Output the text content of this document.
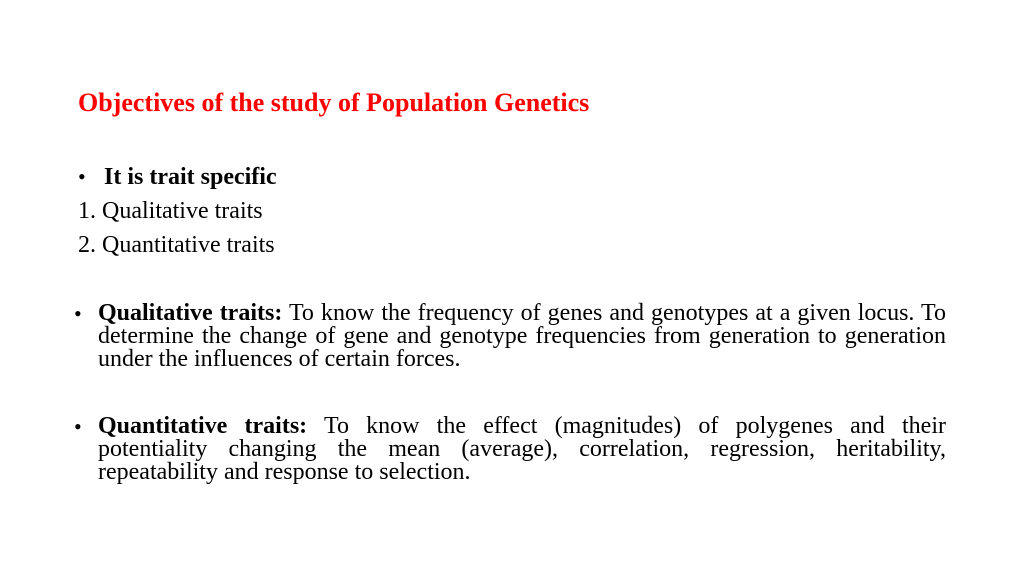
Objectives of the study of Population Genetics
• It is trait specific
1. Qualitative traits
2. Quantitative traits
• Qualitative traits: To know the frequency of genes and genotypes at a given locus. To determine the change of gene and genotype frequencies from generation to generation under the influences of certain forces.
• Quantitative traits: To know the effect (magnitudes) of polygenes and their potentiality changing the mean (average), correlation, regression, heritability, repeatability and response to selection.
